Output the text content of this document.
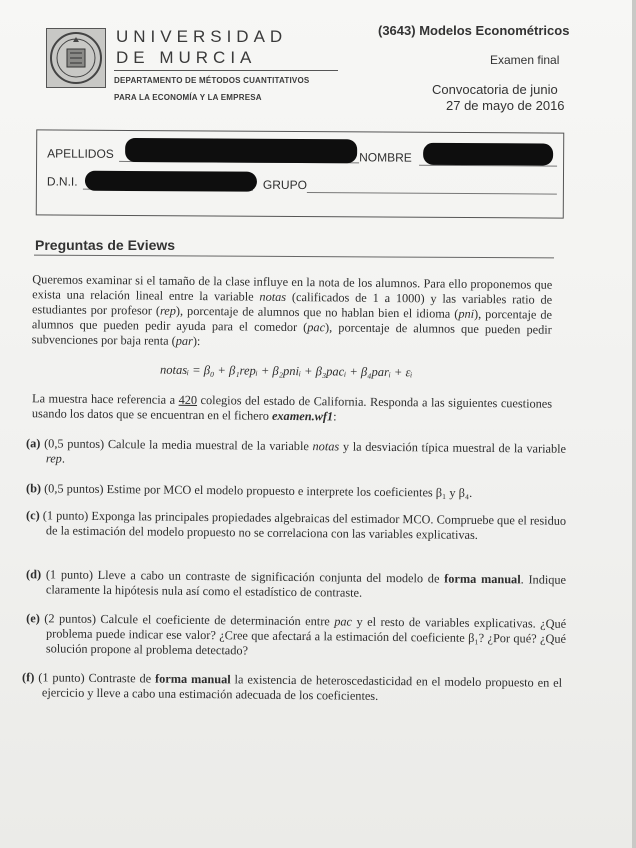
UNIVERSIDAD
DE MURCIA
DEPARTAMENTO DE MÉTODOS CUANTITATIVOS
PARA LA ECONOMÍA Y LA EMPRESA
(3643) Modelos Econométricos
Examen final
Convocatoria de junio
27 de mayo de 2016
APELLIDOS	NOMBRE
D.N.I.	GRUPO
Preguntas de Eviews
Queremos examinar si el tamaño de la clase influye en la nota de los alumnos. Para ello proponemos que exista una relación lineal entre la variable notas (calificados de 1 a 1000) y las variables ratio de estudiantes por profesor (rep), porcentaje de alumnos que no hablan bien el idioma (pni), porcentaje de alumnos que pueden pedir ayuda para el comedor (pac), porcentaje de alumnos que pueden pedir subvenciones por baja renta (par):
notasᵢ = β₀ + β₁repᵢ + β₂pniᵢ + β₃pacᵢ + β₄parᵢ + εᵢ
La muestra hace referencia a 420 colegios del estado de California. Responda a las siguientes cuestiones usando los datos que se encuentran en el fichero examen.wf1:
(a) (0,5 puntos) Calcule la media muestral de la variable notas y la desviación típica muestral de la variable rep.
(b) (0,5 puntos) Estime por MCO el modelo propuesto e interprete los coeficientes β₁ y β₄.
(c) (1 punto) Exponga las principales propiedades algebraicas del estimador MCO. Compruebe que el residuo de la estimación del modelo propuesto no se correlaciona con las variables explicativas.
(d) (1 punto) Lleve a cabo un contraste de significación conjunta del modelo de forma manual. Indique claramente la hipótesis nula así como el estadístico de contraste.
(e) (2 puntos) Calcule el coeficiente de determinación entre pac y el resto de variables explicativas. ¿Qué problema puede indicar ese valor? ¿Cree que afectará a la estimación del coeficiente β₁? ¿Por qué? ¿Qué solución propone al problema detectado?
(f) (1 punto) Contraste de forma manual la existencia de heteroscedasticidad en el modelo propuesto en el ejercicio y lleve a cabo una estimación adecuada de los coeficientes.
